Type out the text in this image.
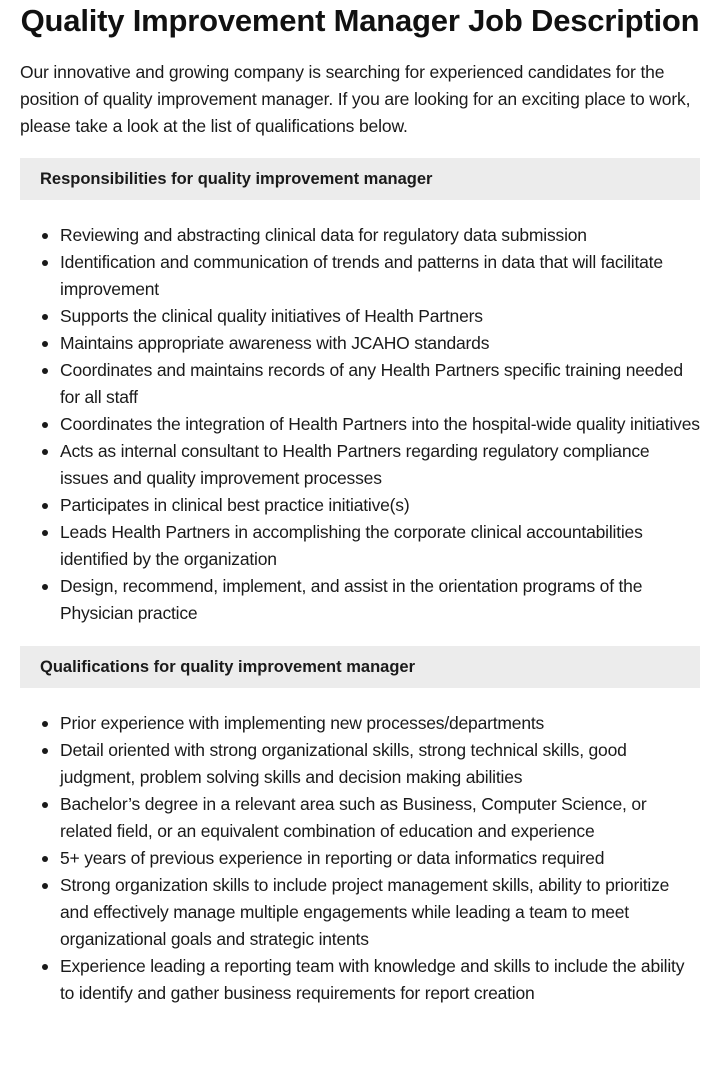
Quality Improvement Manager Job Description

Our innovative and growing company is searching for experienced candidates for the position of quality improvement manager. If you are looking for an exciting place to work, please take a look at the list of qualifications below.

Responsibilities for quality improvement manager
Reviewing and abstracting clinical data for regulatory data submission
Identification and communication of trends and patterns in data that will facilitate improvement
Supports the clinical quality initiatives of Health Partners
Maintains appropriate awareness with JCAHO standards
Coordinates and maintains records of any Health Partners specific training needed for all staff
Coordinates the integration of Health Partners into the hospital-wide quality initiatives
Acts as internal consultant to Health Partners regarding regulatory compliance issues and quality improvement processes
Participates in clinical best practice initiative(s)
Leads Health Partners in accomplishing the corporate clinical accountabilities identified by the organization
Design, recommend, implement, and assist in the orientation programs of the Physician practice
Qualifications for quality improvement manager
Prior experience with implementing new processes/departments
Detail oriented with strong organizational skills, strong technical skills, good judgment, problem solving skills and decision making abilities
Bachelor’s degree in a relevant area such as Business, Computer Science, or related field, or an equivalent combination of education and experience
5+ years of previous experience in reporting or data informatics required
Strong organization skills to include project management skills, ability to prioritize and effectively manage multiple engagements while leading a team to meet organizational goals and strategic intents
Experience leading a reporting team with knowledge and skills to include the ability to identify and gather business requirements for report creation
